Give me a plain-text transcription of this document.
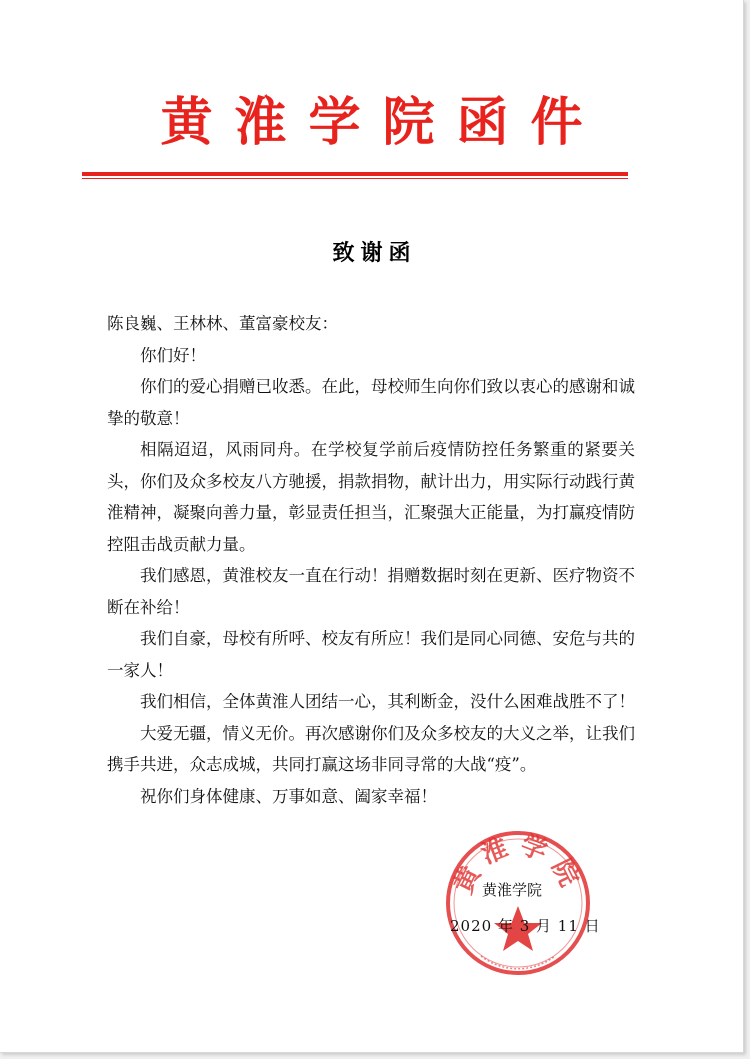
黄淮学院函件
致谢函

陈良巍、王林林、董富豪校友：

你们好！

你们的爱心捐赠已收悉。在此，母校师生向你们致以衷心的感谢和诚挚的敬意！

相隔迢迢，风雨同舟。在学校复学前后疫情防控任务繁重的紧要关头，你们及众多校友八方驰援，捐款捐物，献计出力，用实际行动践行黄淮精神，凝聚向善力量，彰显责任担当，汇聚强大正能量，为打赢疫情防控阻击战贡献力量。

我们感恩，黄淮校友一直在行动！捐赠数据时刻在更新、医疗物资不断在补给！

我们自豪，母校有所呼、校友有所应！我们是同心同德、安危与共的一家人！

我们相信，全体黄淮人团结一心，其利断金，没什么困难战胜不了！

大爱无疆，情义无价。再次感谢你们及众多校友的大义之举，让我们携手共进，众志成城，共同打赢这场非同寻常的大战“疫”。

祝你们身体健康、万事如意、阖家幸福！

黄淮学院
黄淮学院
2020 年 3 月 11 日
